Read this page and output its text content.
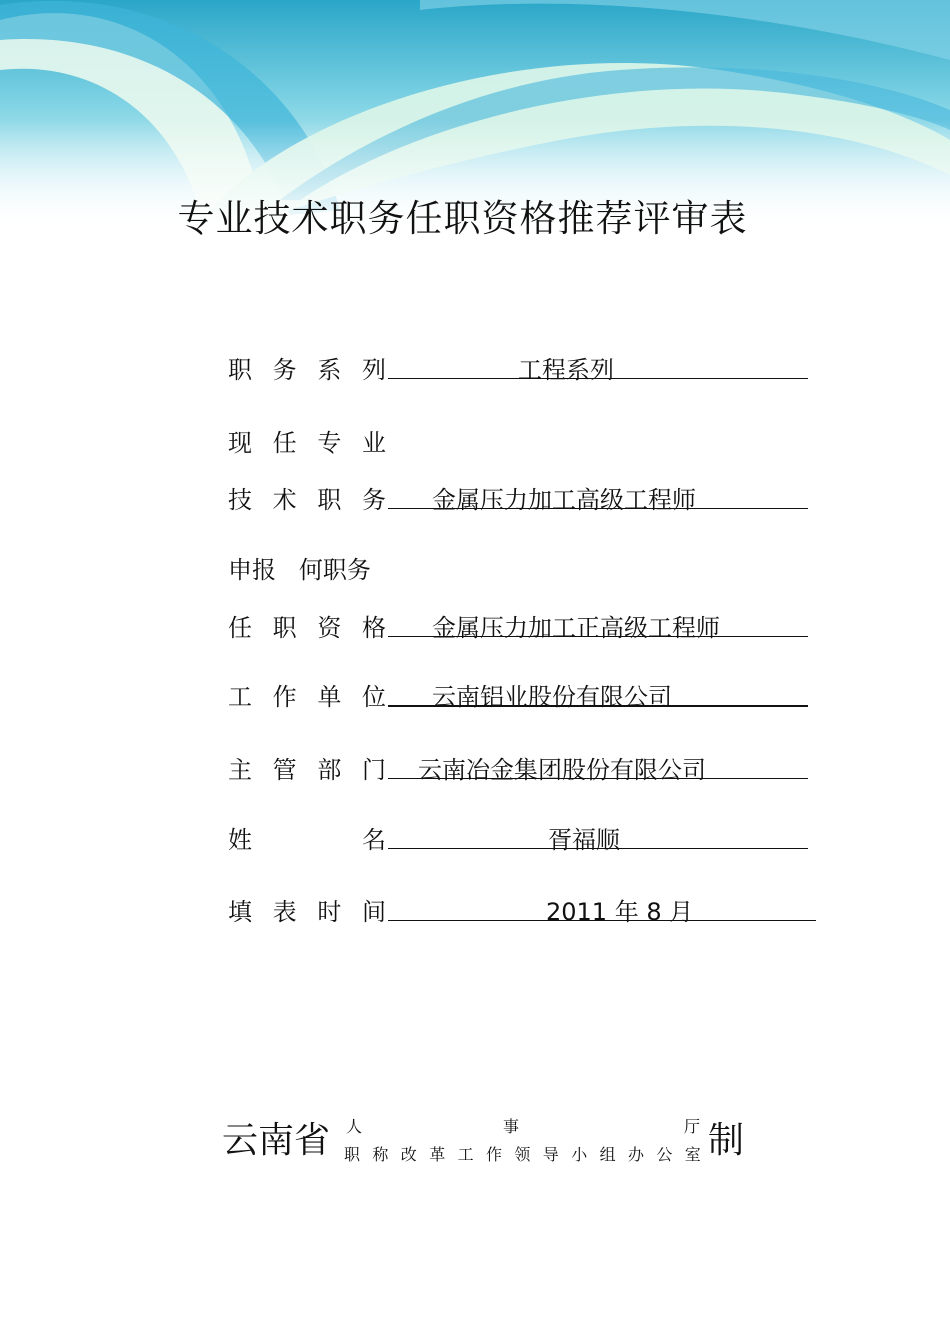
专业技术职务任职资格推荐评审表
职 务 系 列	工程系列
现 任 专 业
技 术 职 务 金属压力加工高级工程师
申报   何职务
任 职 资 格 金属压力加工正高级工程师
工 作 单 位 云南铝业股份有限公司
主 管 部 门 云南冶金集团股份有限公司
姓	名	胥福顺
填 表 时 间	2011 年 8 月
云南省 人	事	厅
职称改革工作领导小组办公室
制
